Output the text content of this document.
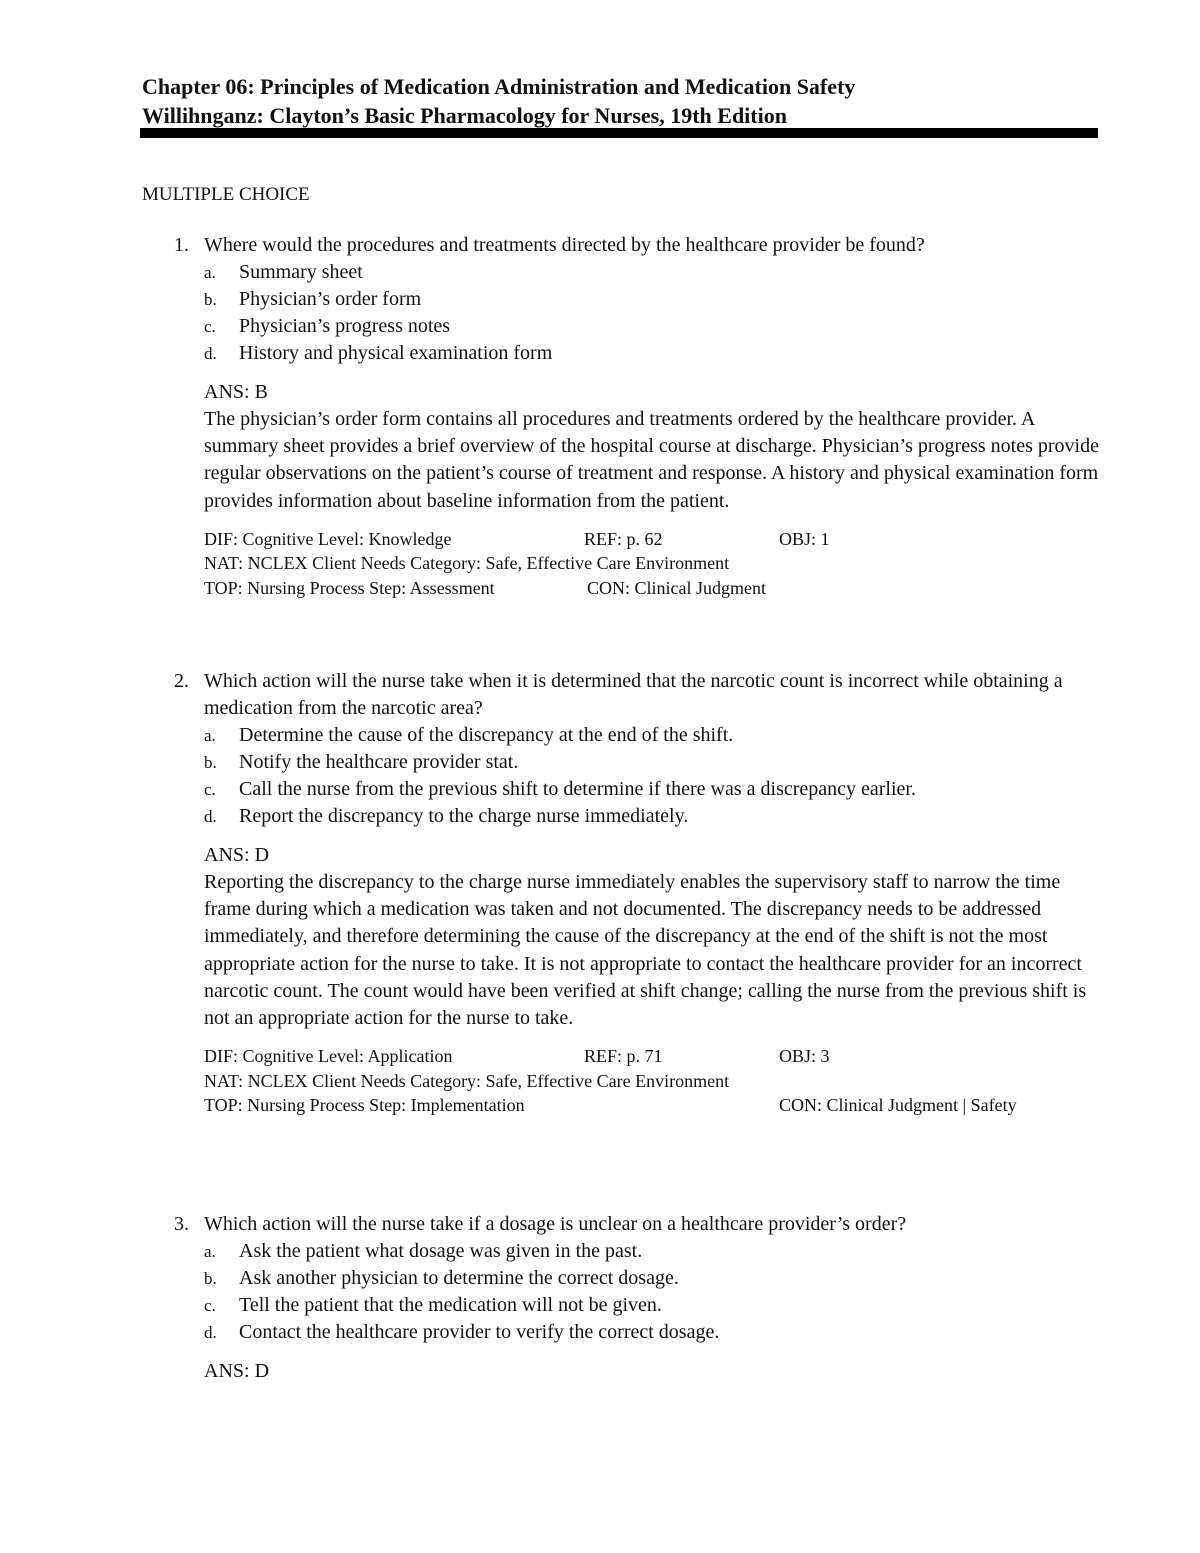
Chapter 06: Principles of Medication Administration and Medication Safety
Willihnganz: Clayton’s Basic Pharmacology for Nurses, 19th Edition
MULTIPLE CHOICE
1. Where would the procedures and treatments directed by the healthcare provider be found?
a. Summary sheet
b. Physician’s order form
c. Physician’s progress notes
d. History and physical examination form
ANS: B
The physician’s order form contains all procedures and treatments ordered by the healthcare provider. A summary sheet provides a brief overview of the hospital course at discharge. Physician’s progress notes provide regular observations on the patient’s course of treatment and response. A history and physical examination form provides information about baseline information from the patient.
DIF: Cognitive Level: Knowledge	REF: p. 62	OBJ: 1
NAT: NCLEX Client Needs Category: Safe, Effective Care Environment
TOP: Nursing Process Step: Assessment	CON: Clinical Judgment
2. Which action will the nurse take when it is determined that the narcotic count is incorrect while obtaining a medication from the narcotic area?
a. Determine the cause of the discrepancy at the end of the shift.
b. Notify the healthcare provider stat.
c. Call the nurse from the previous shift to determine if there was a discrepancy earlier.
d. Report the discrepancy to the charge nurse immediately.
ANS: D
Reporting the discrepancy to the charge nurse immediately enables the supervisory staff to narrow the time frame during which a medication was taken and not documented. The discrepancy needs to be addressed immediately, and therefore determining the cause of the discrepancy at the end of the shift is not the most appropriate action for the nurse to take. It is not appropriate to contact the healthcare provider for an incorrect narcotic count. The count would have been verified at shift change; calling the nurse from the previous shift is not an appropriate action for the nurse to take.
DIF: Cognitive Level: Application	REF: p. 71	OBJ: 3
NAT: NCLEX Client Needs Category: Safe, Effective Care Environment
TOP: Nursing Process Step: Implementation	CON: Clinical Judgment | Safety
3. Which action will the nurse take if a dosage is unclear on a healthcare provider’s order?
a. Ask the patient what dosage was given in the past.
b. Ask another physician to determine the correct dosage.
c. Tell the patient that the medication will not be given.
d. Contact the healthcare provider to verify the correct dosage.
ANS: D
